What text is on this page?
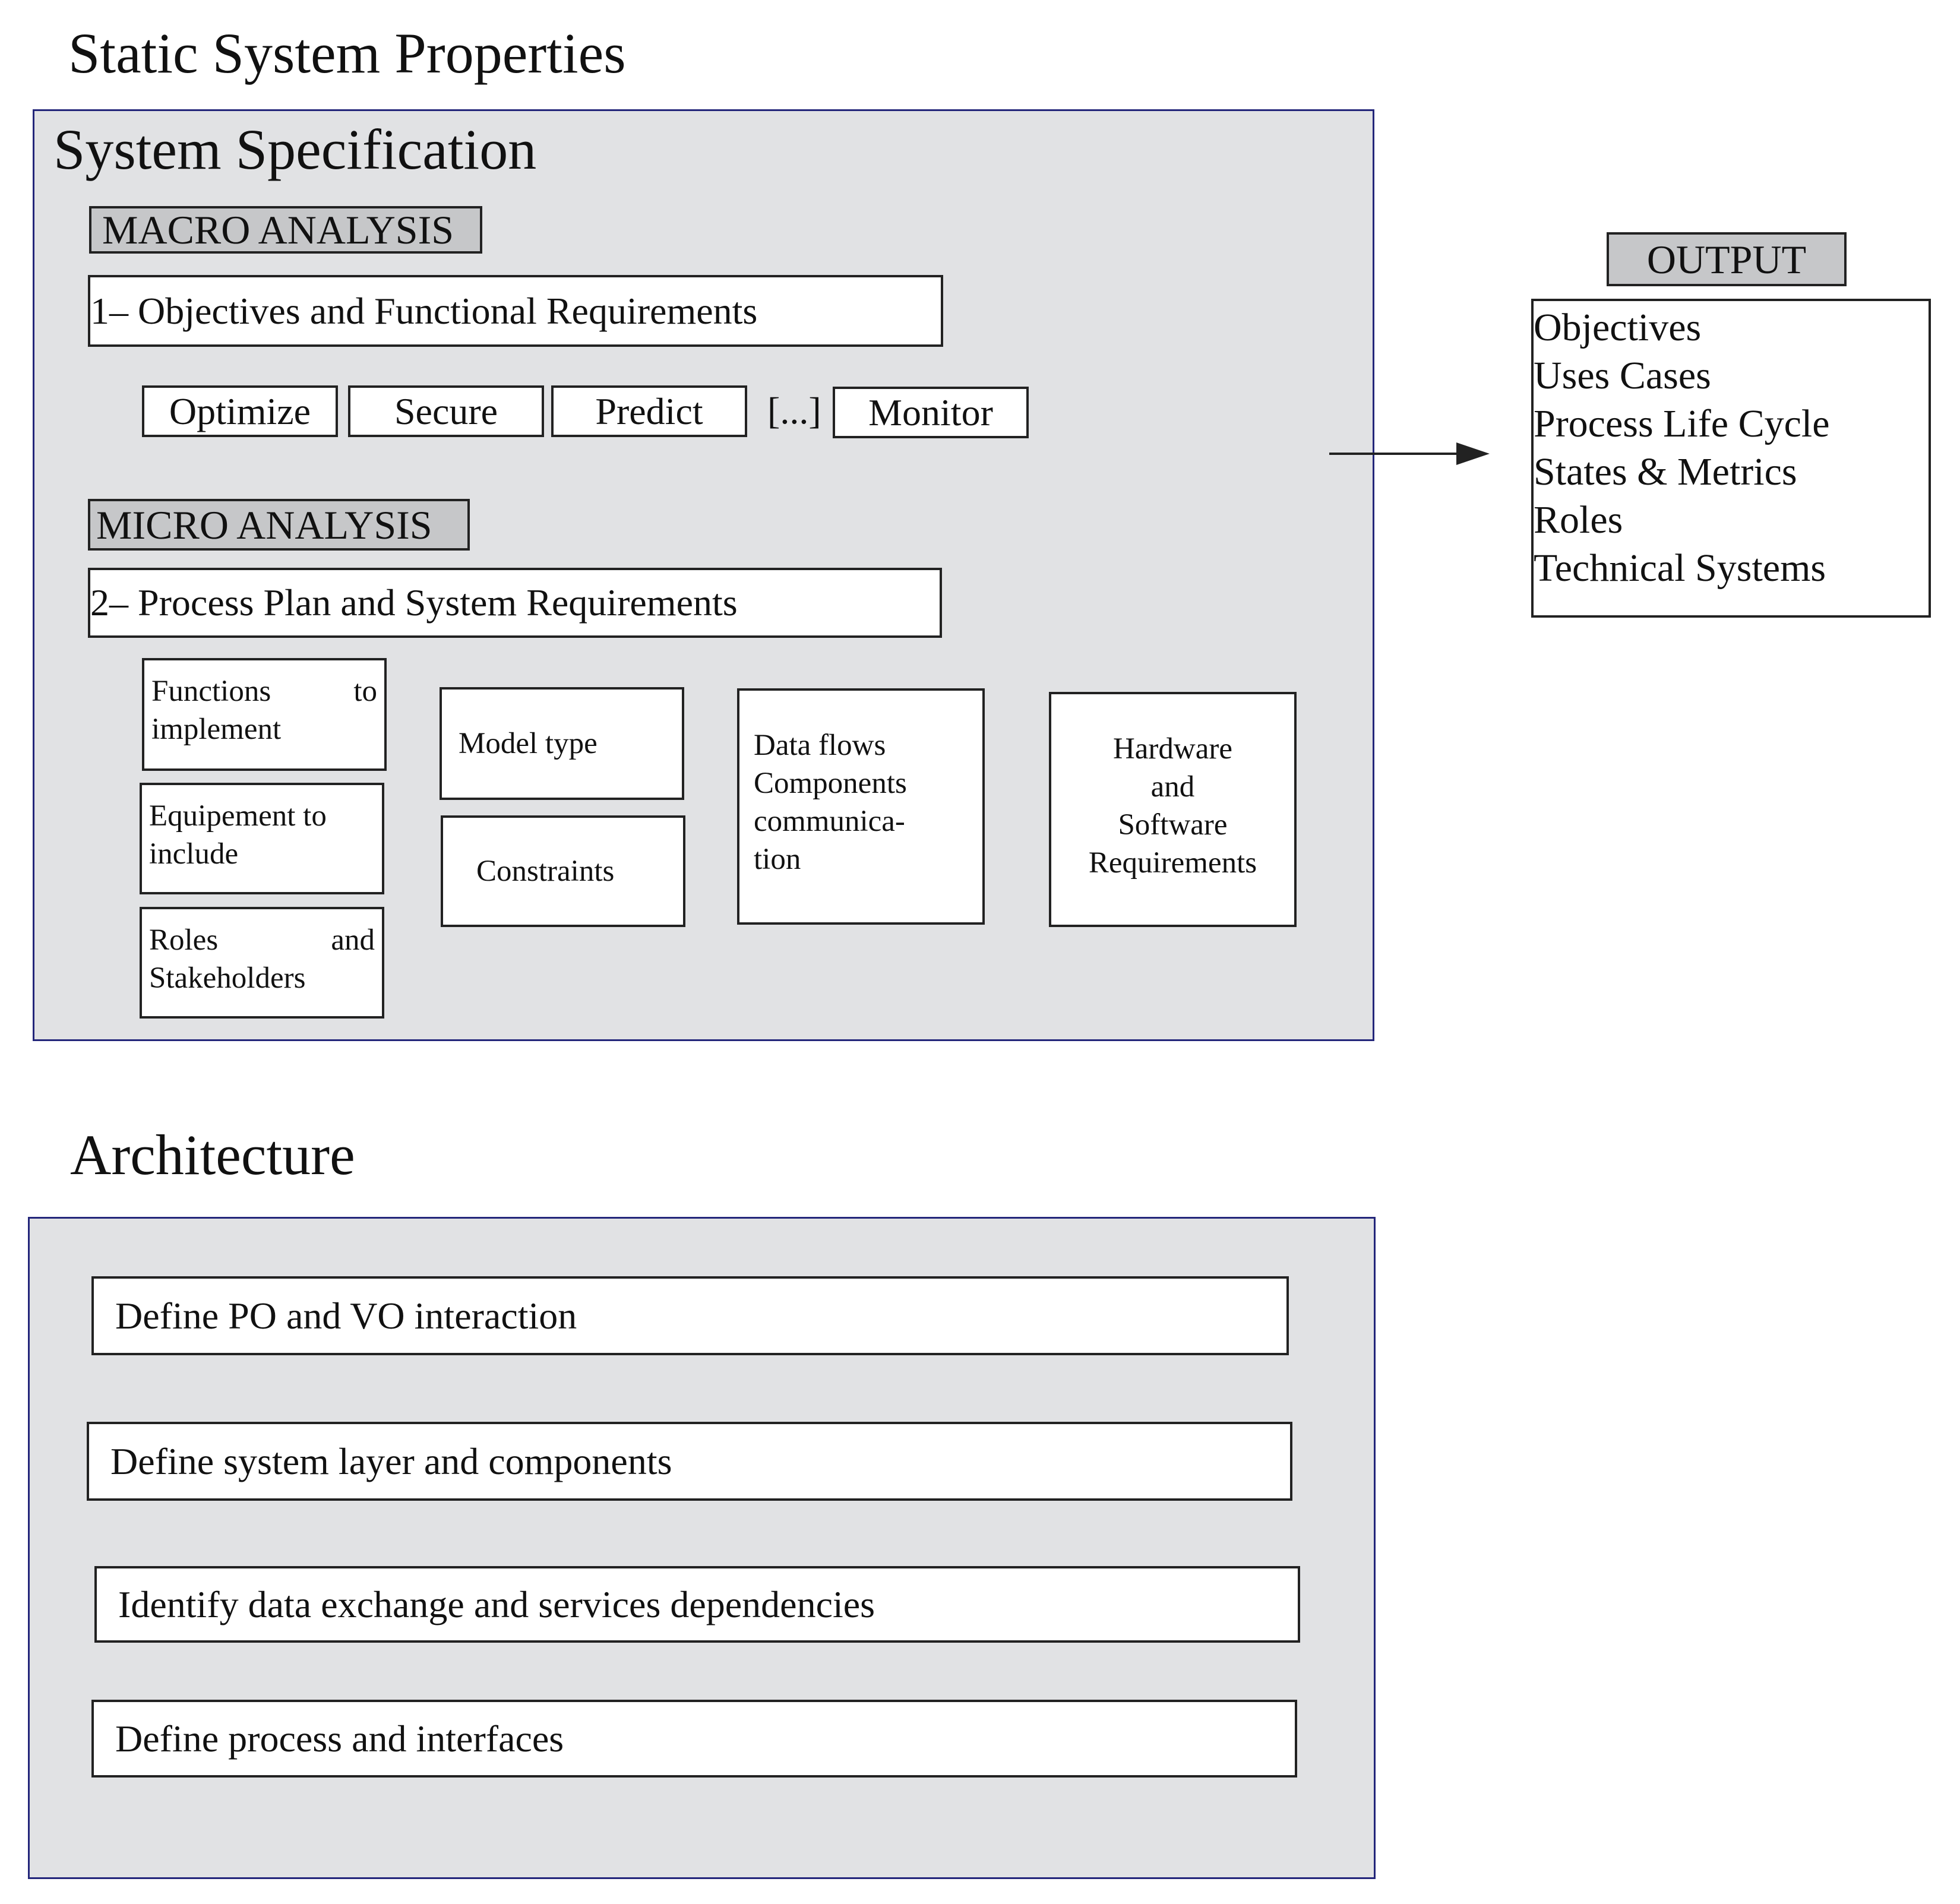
Static System Properties
System Specification
MACRO ANALYSIS
1– Objectives and Functional Requirements
Optimize	Secure	Predict	[...]	Monitor
MICRO ANALYSIS
2– Process Plan and System Requirements
Functions to implement
Equipement to include
Roles and Stakeholders
Model type
Constraints
Data flows
Components
communica-
tion
Hardware
and
Software
Requirements
OUTPUT
Objectives
Uses Cases
Process Life Cycle
States & Metrics
Roles
Technical Systems
Architecture
Define PO and VO interaction
Define system layer and components
Identify data exchange and services dependencies
Define process and interfaces
